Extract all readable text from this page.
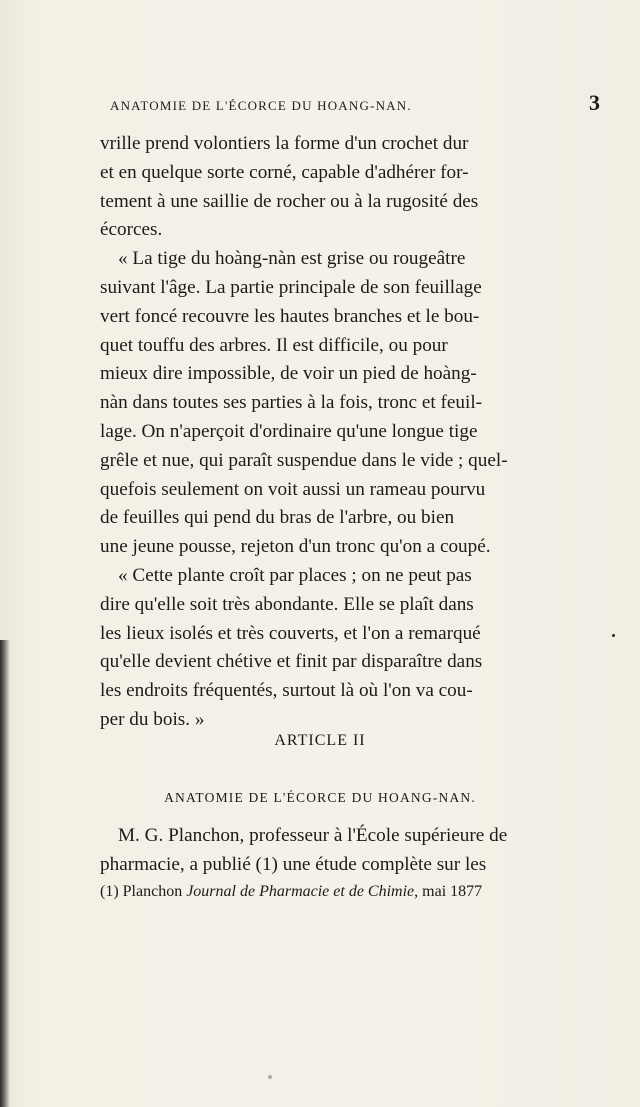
ANATOMIE DE L'ÉCORCE DU HOANG-NAN.	3

vrille prend volontiers la forme d'un crochet dur
et en quelque sorte corné, capable d'adhérer for-
tement à une saillie de rocher ou à la rugosité des
écorces.

« La tige du hoàng-nàn est grise ou rougeâtre
suivant l'âge. La partie principale de son feuillage
vert foncé recouvre les hautes branches et le bou-
quet touffu des arbres. Il est difficile, ou pour
mieux dire impossible, de voir un pied de hoàng-
nàn dans toutes ses parties à la fois, tronc et feuil-
lage. On n'aperçoit d'ordinaire qu'une longue tige
grêle et nue, qui paraît suspendue dans le vide ; quel-
quefois seulement on voit aussi un rameau pourvu
de feuilles qui pend du bras de l'arbre, ou bien
une jeune pousse, rejeton d'un tronc qu'on a coupé.

« Cette plante croît par places ; on ne peut pas
dire qu'elle soit très abondante. Elle se plaît dans
les lieux isolés et très couverts, et l'on a remarqué
qu'elle devient chétive et finit par disparaître dans
les endroits fréquentés, surtout là où l'on va cou-
per du bois. »

ARTICLE II
ANATOMIE DE L'ÉCORCE DU HOANG-NAN.

M. G. Planchon, professeur à l'École supérieure de
pharmacie, a publié (1) une étude complète sur les

(1) Planchon Journal de Pharmacie et de Chimie, mai 1877
